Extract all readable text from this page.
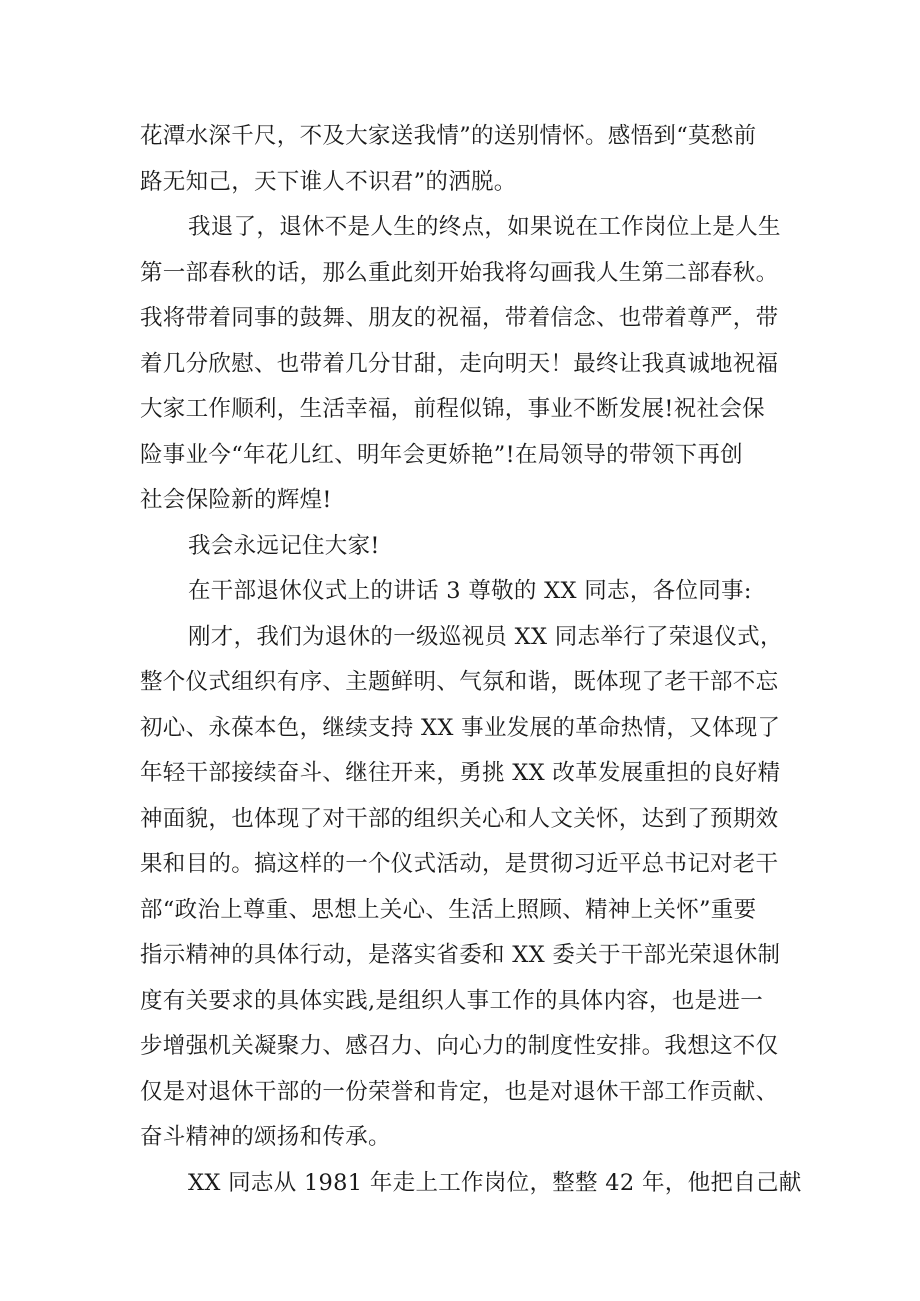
花潭水深千尺，不及大家送我情”的送别情怀。感悟到“莫愁前
路无知己，天下谁人不识君”的洒脱。
我退了，退休不是人生的终点，如果说在工作岗位上是人生
第一部春秋的话，那么重此刻开始我将勾画我人生第二部春秋。
我将带着同事的鼓舞、朋友的祝福，带着信念、也带着尊严，带
着几分欣慰、也带着几分甘甜，走向明天！最终让我真诚地祝福
大家工作顺利，生活幸福，前程似锦，事业不断发展!祝社会保
险事业今“年花儿红、明年会更娇艳”!在局领导的带领下再创
社会保险新的辉煌!
我会永远记住大家!
在干部退休仪式上的讲话 3 尊敬的 XX 同志，各位同事:
刚才，我们为退休的一级巡视员 XX 同志举行了荣退仪式，
整个仪式组织有序、主题鲜明、气氛和谐，既体现了老干部不忘
初心、永葆本色，继续支持 XX 事业发展的革命热情，又体现了
年轻干部接续奋斗、继往开来，勇挑 XX 改革发展重担的良好精
神面貌，也体现了对干部的组织关心和人文关怀，达到了预期效
果和目的。搞这样的一个仪式活动，是贯彻习近平总书记对老干
部“政治上尊重、思想上关心、生活上照顾、精神上关怀”重要
指示精神的具体行动，是落实省委和 XX 委关于干部光荣退休制
度有关要求的具体实践,是组织人事工作的具体内容，也是进一
步增强机关凝聚力、感召力、向心力的制度性安排。我想这不仅
仅是对退休干部的一份荣誉和肯定，也是对退休干部工作贡献、
奋斗精神的颂扬和传承。
XX 同志从 1981 年走上工作岗位，整整 42 年，他把自己献
